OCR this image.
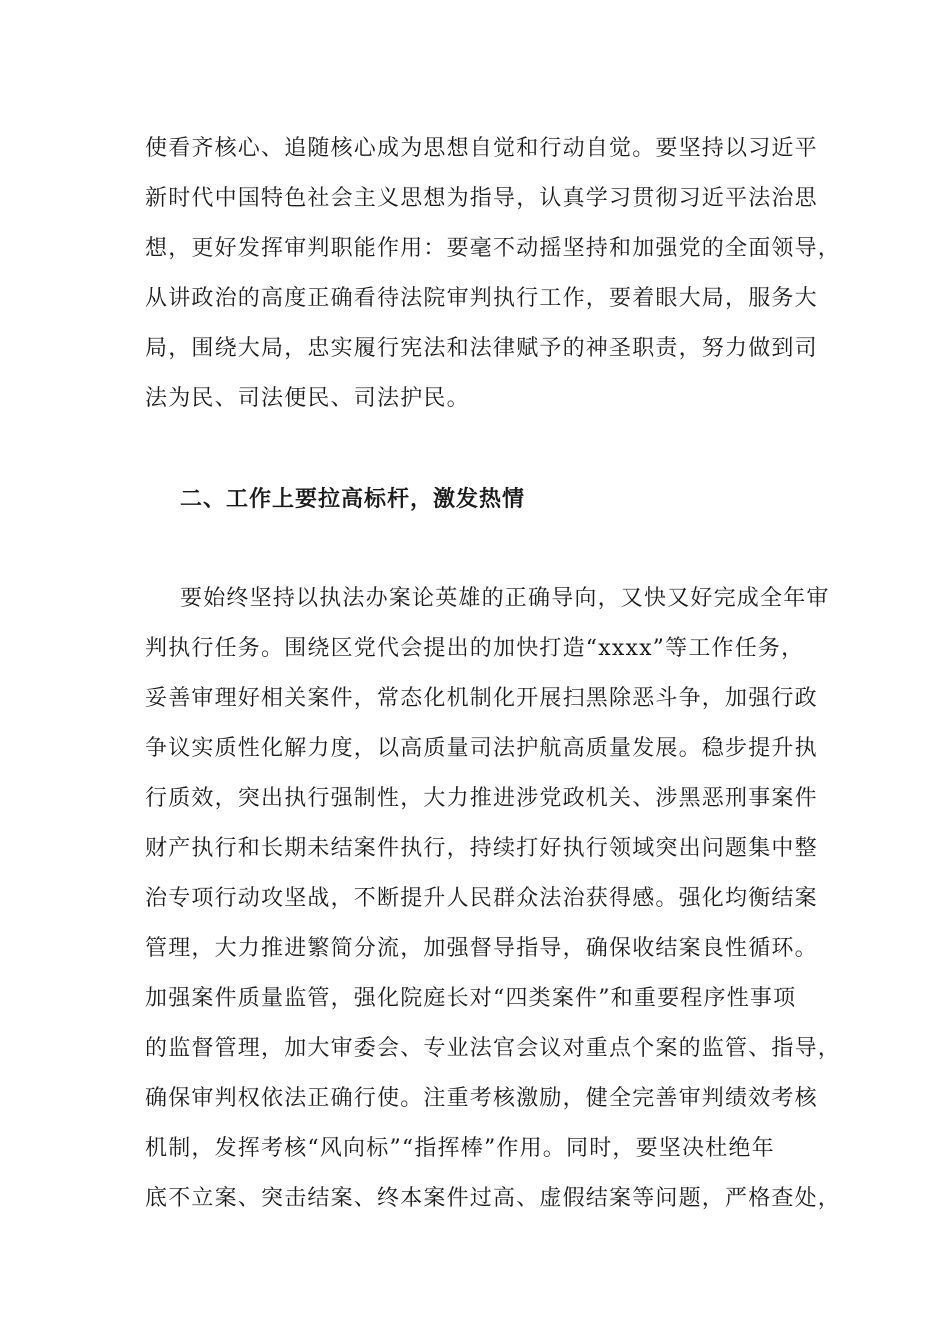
使看齐核心、追随核心成为思想自觉和行动自觉。要坚持以习近平
新时代中国特色社会主义思想为指导，认真学习贯彻习近平法治思
想，更好发挥审判职能作用：要毫不动摇坚持和加强党的全面领导，
从讲政治的高度正确看待法院审判执行工作，要着眼大局，服务大
局，围绕大局，忠实履行宪法和法律赋予的神圣职责，努力做到司
法为民、司法便民、司法护民。
二、工作上要拉高标杆，激发热情
要始终坚持以执法办案论英雄的正确导向，又快又好完成全年审
判执行任务。围绕区党代会提出的加快打造“xxxx”等工作任务，
妥善审理好相关案件，常态化机制化开展扫黑除恶斗争，加强行政
争议实质性化解力度，以高质量司法护航高质量发展。稳步提升执
行质效，突出执行强制性，大力推进涉党政机关、涉黑恶刑事案件
财产执行和长期未结案件执行，持续打好执行领域突出问题集中整
治专项行动攻坚战，不断提升人民群众法治获得感。强化均衡结案
管理，大力推进繁简分流，加强督导指导，确保收结案良性循环。
加强案件质量监管，强化院庭长对“四类案件”和重要程序性事项
的监督管理，加大审委会、专业法官会议对重点个案的监管、指导，
确保审判权依法正确行使。注重考核激励，健全完善审判绩效考核
机制，发挥考核“风向标”“指挥棒”作用。同时，要坚决杜绝年
底不立案、突击结案、终本案件过高、虚假结案等问题，严格查处，
